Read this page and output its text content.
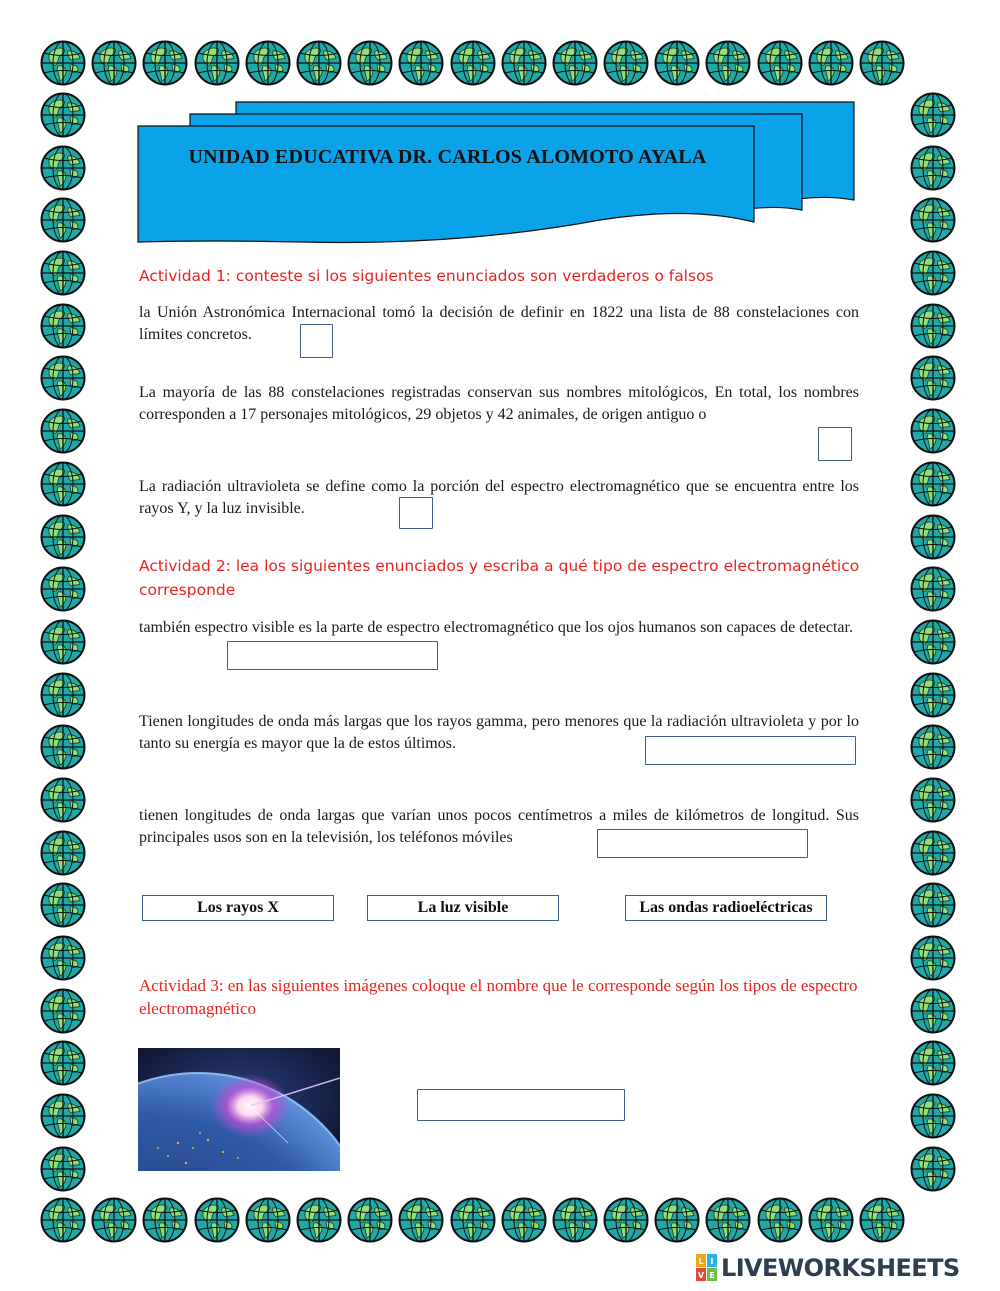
UNIDAD EDUCATIVA DR. CARLOS ALOMOTO AYALA
Actividad 1: conteste si los siguientes enunciados son verdaderos o falsos
la Unión Astronómica Internacional tomó la decisión de definir en 1822 una lista de 88 constelaciones con límites concretos.
La mayoría de las 88 constelaciones registradas conservan sus nombres mitológicos, En total, los nombres corresponden a 17 personajes mitológicos, 29 objetos y 42 animales, de origen antiguo o
La radiación ultravioleta se define como la porción del espectro electromagnético que se encuentra entre los rayos Y, y la luz invisible.
Actividad 2: lea los siguientes enunciados y escriba a qué tipo de espectro electromagnético corresponde
también espectro visible es la parte de espectro electromagnético que los ojos humanos son capaces de detectar.
Tienen longitudes de onda más largas que los rayos gamma, pero menores que la radiación ultravioleta y por lo tanto su energía es mayor que la de estos últimos.
tienen longitudes de onda largas que varían unos pocos centímetros a miles de kilómetros de longitud. Sus principales usos son en la televisión, los teléfonos móviles
Los rayos X	La luz visible	Las ondas radioeléctricas
Actividad 3: en las siguientes imágenes coloque el nombre que le corresponde según los tipos de espectro electromagnético
L I
V E LIVEWORKSHEETS
